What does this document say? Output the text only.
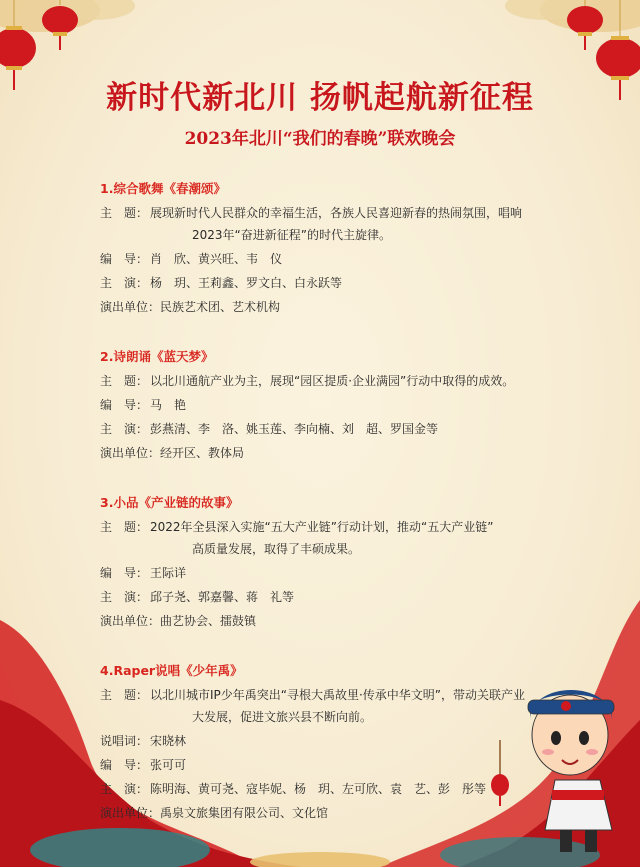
新时代新北川 扬帆起航新征程
2023年北川“我们的春晚”联欢晚会
1.综合歌舞《春潮颂》
主　题： 展现新时代人民群众的幸福生活，各族人民喜迎新春的热闹氛围，唱响
2023年“奋进新征程”的时代主旋律。
编　导： 肖　欣、黄兴旺、韦　仪
主　演： 杨　玥、王莉鑫、罗文白、白永跃等
演出单位： 民族艺术团、艺术机构
2.诗朗诵《蓝天梦》
主　题： 以北川通航产业为主，展现“园区提质·企业满园”行动中取得的成效。
编　导： 马　艳
主　演： 彭燕清、李　洛、姚玉莲、李向楠、刘　超、罗国金等
演出单位： 经开区、教体局
3.小品《产业链的故事》
主　题： 2022年全县深入实施“五大产业链”行动计划，推动“五大产业链”
高质量发展，取得了丰硕成果。
编　导： 王际详
主　演： 邱子尧、郭嘉馨、蒋　礼等
演出单位： 曲艺协会、擂鼓镇
4.Raper说唱《少年禹》
主　题： 以北川城市IP少年禹突出“寻根大禹故里·传承中华文明”，带动关联产业
大发展，促进文旅兴县不断向前。
说唱词： 宋晓林
编　导： 张可可
主　演： 陈明海、黄可尧、寇毕妮、杨　玥、左可欣、袁　艺、彭　彤等
演出单位： 禹泉文旅集团有限公司、文化馆
